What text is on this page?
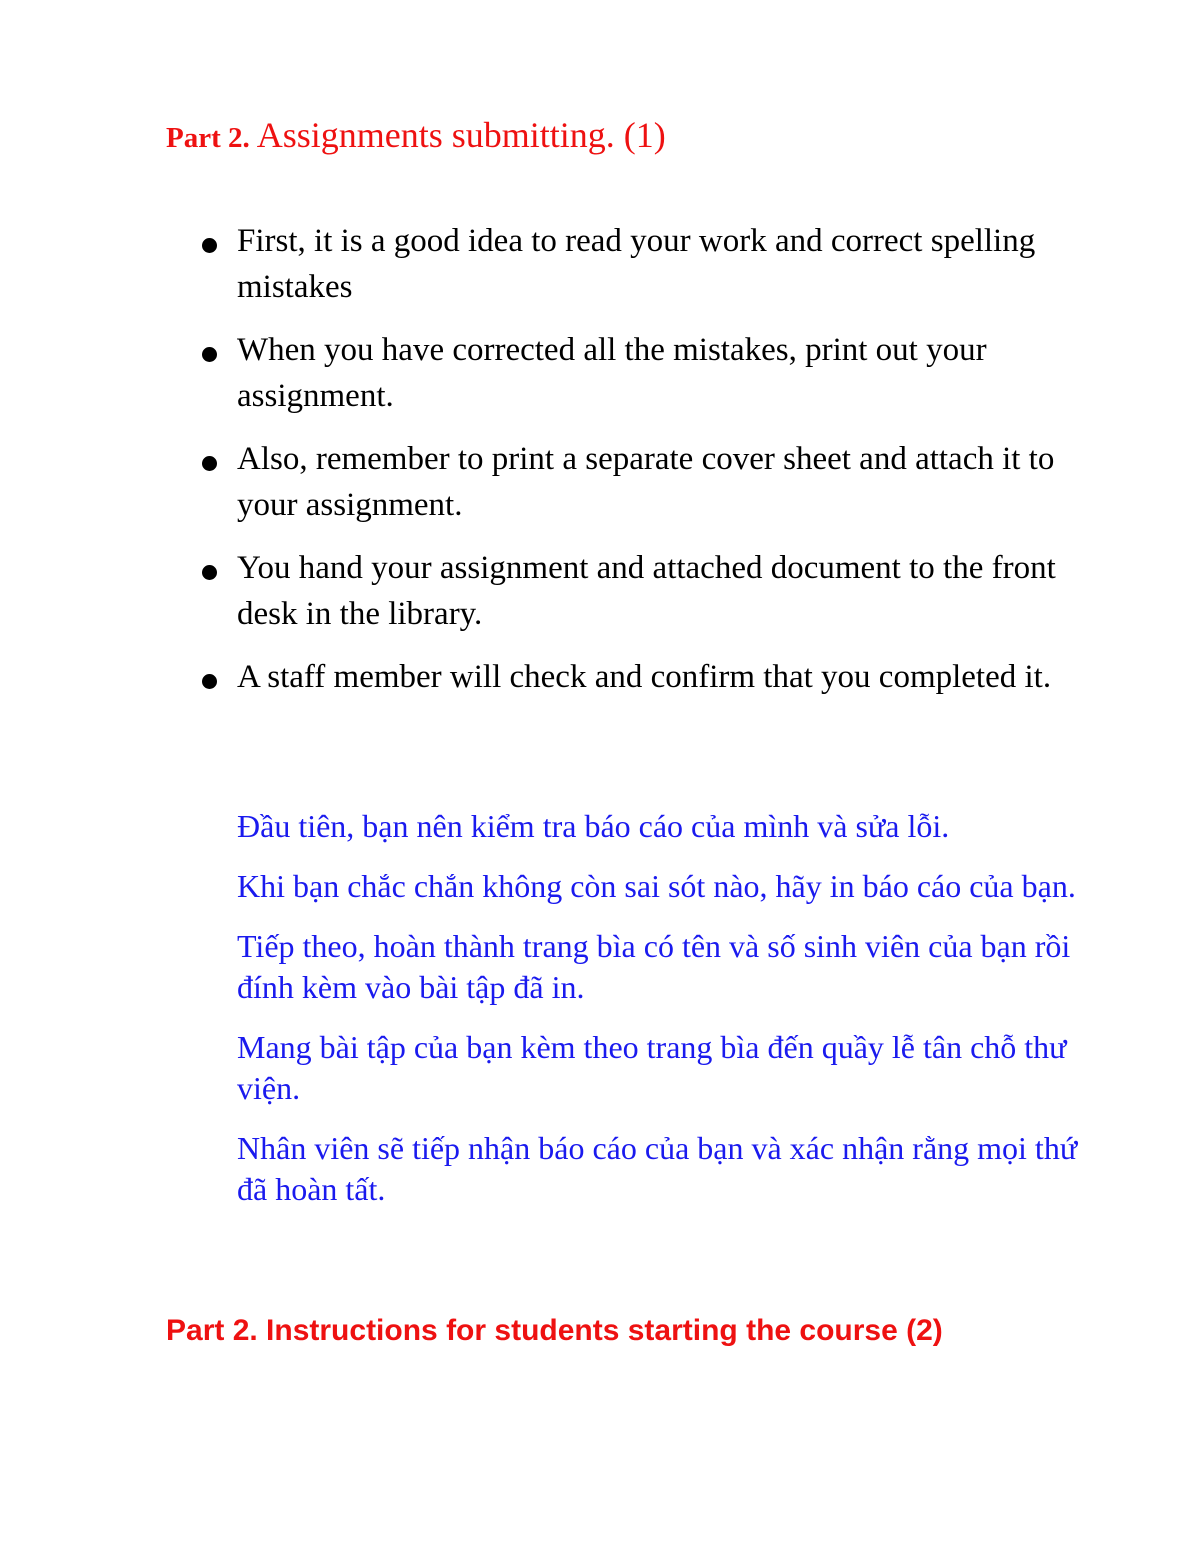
Part 2. Assignments submitting. (1)
First, it is a good idea to read your work and correct spelling mistakes
When you have corrected all the mistakes, print out your assignment.
Also, remember to print a separate cover sheet and attach it to your assignment.
You hand your assignment and attached document to the front desk in the library.
A staff member will check and confirm that you completed it.

Đầu tiên, bạn nên kiểm tra báo cáo của mình và sửa lỗi.

Khi bạn chắc chắn không còn sai sót nào, hãy in báo cáo của bạn.

Tiếp theo, hoàn thành trang bìa có tên và số sinh viên của bạn rồi đính kèm vào bài tập đã in.

Mang bài tập của bạn kèm theo trang bìa đến quầy lễ tân chỗ thư viện.

Nhân viên sẽ tiếp nhận báo cáo của bạn và xác nhận rằng mọi thứ đã hoàn tất.

Part 2. Instructions for students starting the course (2)
